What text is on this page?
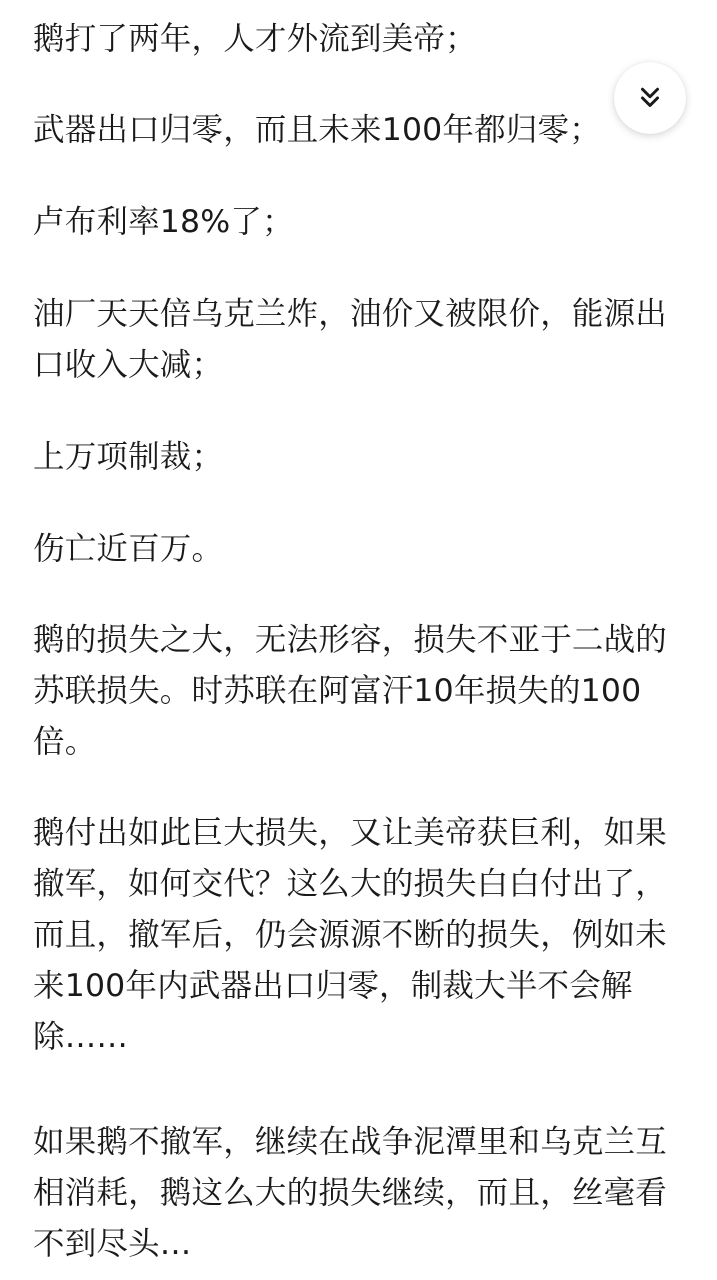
鹅打了两年，人才外流到美帝；

武器出口归零，而且未来100年都归零；

卢布利率18%了；

油厂天天倍乌克兰炸，油价又被限价，能源出口收入大减；

上万项制裁；

伤亡近百万。

鹅的损失之大，无法形容，损失不亚于二战的苏联损失。时苏联在阿富汗10年损失的100倍。

鹅付出如此巨大损失，又让美帝获巨利，如果撤军，如何交代？这么大的损失白白付出了，而且，撤军后，仍会源源不断的损失，例如未来100年内武器出口归零，制裁大半不会解除……

如果鹅不撤军，继续在战争泥潭里和乌克兰互相消耗，鹅这么大的损失继续，而且，丝毫看不到尽头…
